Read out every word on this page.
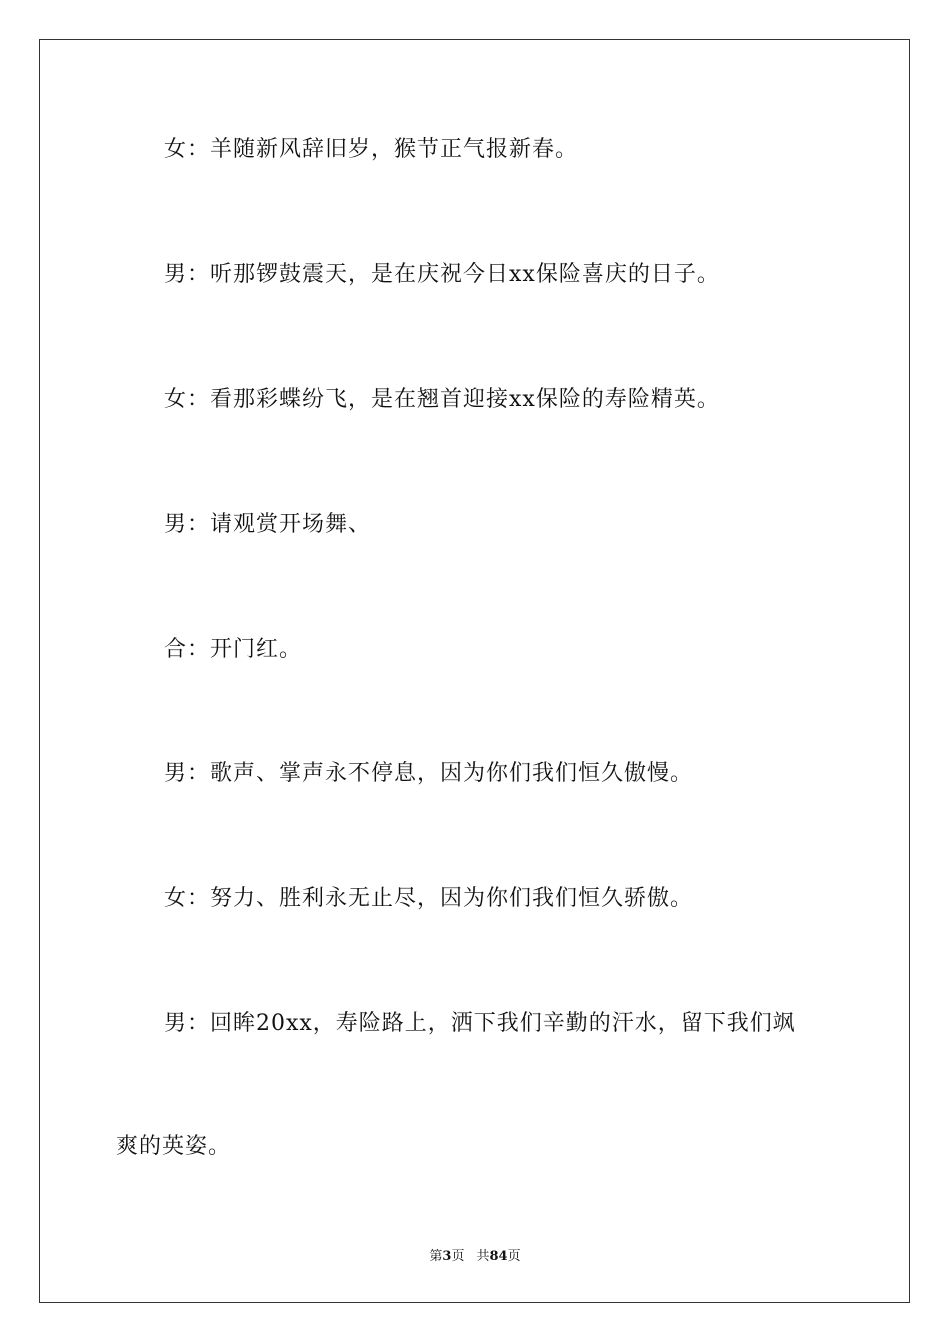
女：羊随新风辞旧岁，猴节正气报新春。
男：听那锣鼓震天，是在庆祝今日xx保险喜庆的日子。
女：看那彩蝶纷飞，是在翘首迎接xx保险的寿险精英。
男：请观赏开场舞、
合：开门红。
男：歌声、掌声永不停息，因为你们我们恒久傲慢。
女：努力、胜利永无止尽，因为你们我们恒久骄傲。
男：回眸20xx，寿险路上，洒下我们辛勤的汗水，留下我们飒
爽的英姿。
第3页 共84页
